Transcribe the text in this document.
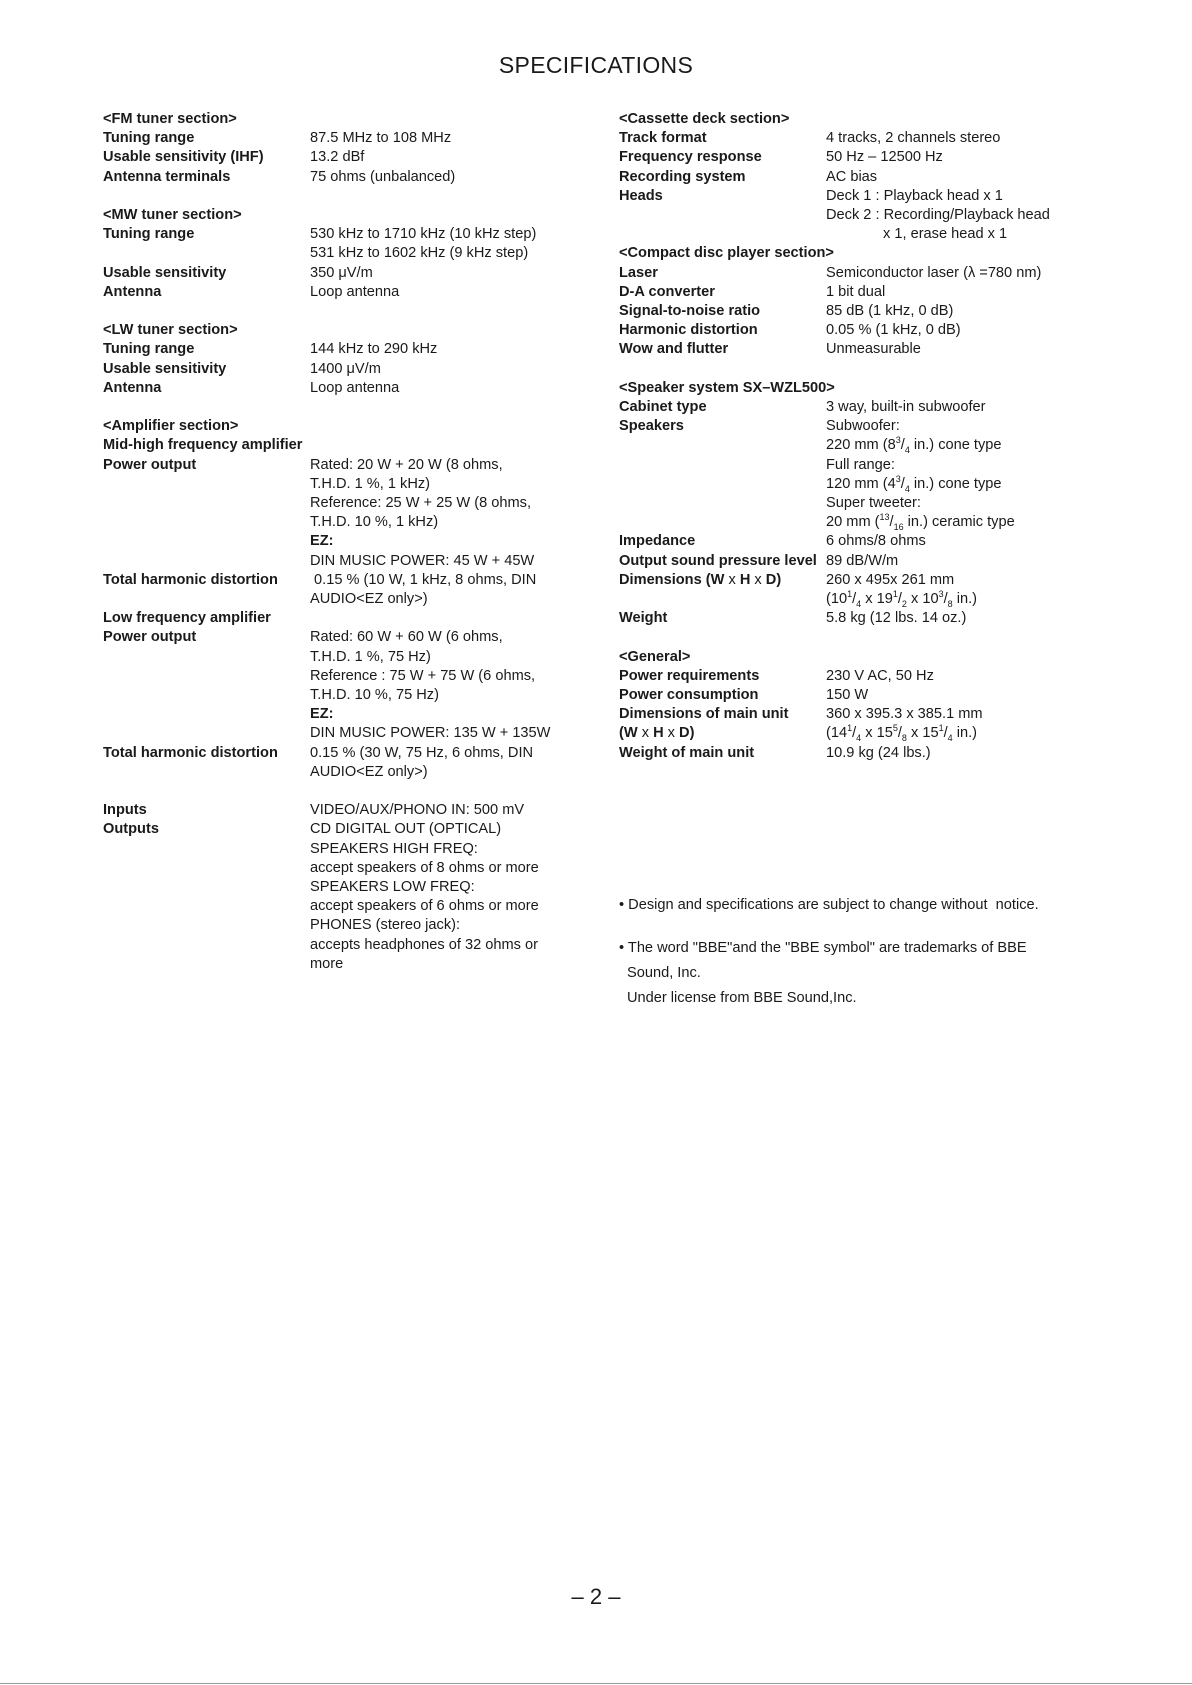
SPECIFICATIONS
<FM tuner section>
Tuning range	87.5 MHz to 108 MHz
Usable sensitivity (IHF)	13.2 dBf
Antenna terminals	75 ohms (unbalanced)
<MW tuner section>
Tuning range	530 kHz to 1710 kHz (10 kHz step)
531 kHz to 1602 kHz (9 kHz step)
Usable sensitivity	350 μV/m
Antenna	Loop antenna
<LW tuner section>
Tuning range	144 kHz to 290 kHz
Usable sensitivity	1400 μV/m
Antenna	Loop antenna
<Amplifier section>
Mid-high frequency amplifier
Power output	Rated: 20 W + 20 W (8 ohms,
T.H.D. 1 %, 1 kHz)
Reference: 25 W + 25 W (8 ohms,
T.H.D. 10 %, 1 kHz)
EZ:
DIN MUSIC POWER: 45 W + 45W
Total harmonic distortion	0.15 % (10 W, 1 kHz, 8 ohms, DIN
AUDIO<EZ only>)
Low frequency amplifier
Power output	Rated: 60 W + 60 W (6 ohms,
T.H.D. 1 %, 75 Hz)
Reference : 75 W + 75 W (6 ohms,
T.H.D. 10 %, 75 Hz)
EZ:
DIN MUSIC POWER: 135 W + 135W
Total harmonic distortion	0.15 % (30 W, 75 Hz, 6 ohms, DIN
AUDIO<EZ only>)
Inputs	VIDEO/AUX/PHONO IN: 500 mV
Outputs	CD DIGITAL OUT (OPTICAL)
SPEAKERS HIGH FREQ:
accept speakers of 8 ohms or more
SPEAKERS LOW FREQ:
accept speakers of 6 ohms or more
PHONES (stereo jack):
accepts headphones of 32 ohms or
more
<Cassette deck section>
Track format	4 tracks, 2 channels stereo
Frequency response	50 Hz – 12500 Hz
Recording system	AC bias
Heads	Deck 1 : Playback head x 1
Deck 2 : Recording/Playback head
x 1, erase head x 1
<Compact disc player section>
Laser	Semiconductor laser (λ =780 nm)
D-A converter	1 bit dual
Signal-to-noise ratio	85 dB (1 kHz, 0 dB)
Harmonic distortion	0.05 % (1 kHz, 0 dB)
Wow and flutter	Unmeasurable
<Speaker system SX–WZL500>
Cabinet type	3 way, built-in subwoofer
Speakers	Subwoofer:
220 mm ($8^3/_4$ in.) cone type
Full range:
120 mm ($4^3/_4$ in.) cone type
Super tweeter:
20 mm ($^{13}/_{16}$ in.) ceramic type
Impedance	6 ohms/8 ohms
Output sound pressure level 89 dB/W/m
Dimensions (W x H x D)	260 x 495x 261 mm
($10^1/_4$ x $19^1/_2$ x $10^3/_8$ in.)
Weight	5.8 kg (12 lbs. 14 oz.)
<General>
Power requirements	230 V AC, 50 Hz
Power consumption	150 W
Dimensions of main unit	360 x 395.3 x 385.1 mm
(W x H x D)	($14^1/_4$ x $15^5/_8$ x $15^1/_4$ in.)
Weight of main unit	10.9 kg (24 lbs.)
• Design and specifications are subject to change without  notice.
• The word "BBE"and the "BBE symbol" are trademarks of BBE
Sound, Inc.
Under license from BBE Sound,Inc.
– 2 –
